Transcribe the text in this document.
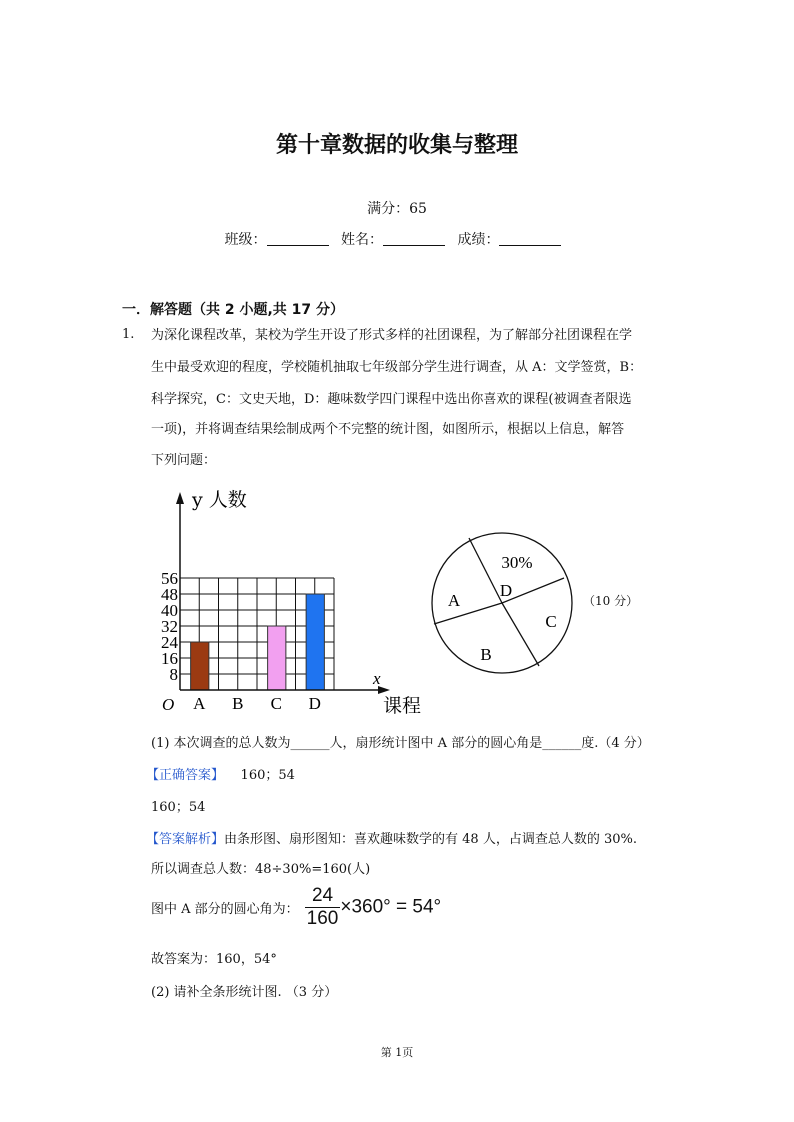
第十章数据的收集与整理
满分：65
班级：	姓名：	成绩：
一．解答题（共 2 小题,共 17 分）
1. 为深化课程改革，某校为学生开设了形式多样的社团课程，为了解部分社团课程在学
生中最受欢迎的程度，学校随机抽取七年级部分学生进行调查，从 A：文学签赏，B：
科学探究，C：文史天地，D：趣味数学四门课程中选出你喜欢的课程(被调查者限选
一项)，并将调查结果绘制成两个不完整的统计图，如图所示，根据以上信息，解答
下列问题：
A B C D
8
16
24
32
40
48
56
O
y 人数
x
课程
A
B
C
D
30%
（10 分）
(1) 本次调查的总人数为______人，扇形统计图中 A 部分的圆心角是______度.（4 分）
【正确答案】 160；54
160；54
【答案解析】由条形图、扇形图知：喜欢趣味数学的有 48 人，占调查总人数的 30%.
所以调查总人数：48÷30%=160(人)
图中 A 部分的圆心角为： $\frac{24}{160} \times 360^\circ = 54^\circ$
故答案为：160，54°
(2) 请补全条形统计图. （3 分）
第 1页
